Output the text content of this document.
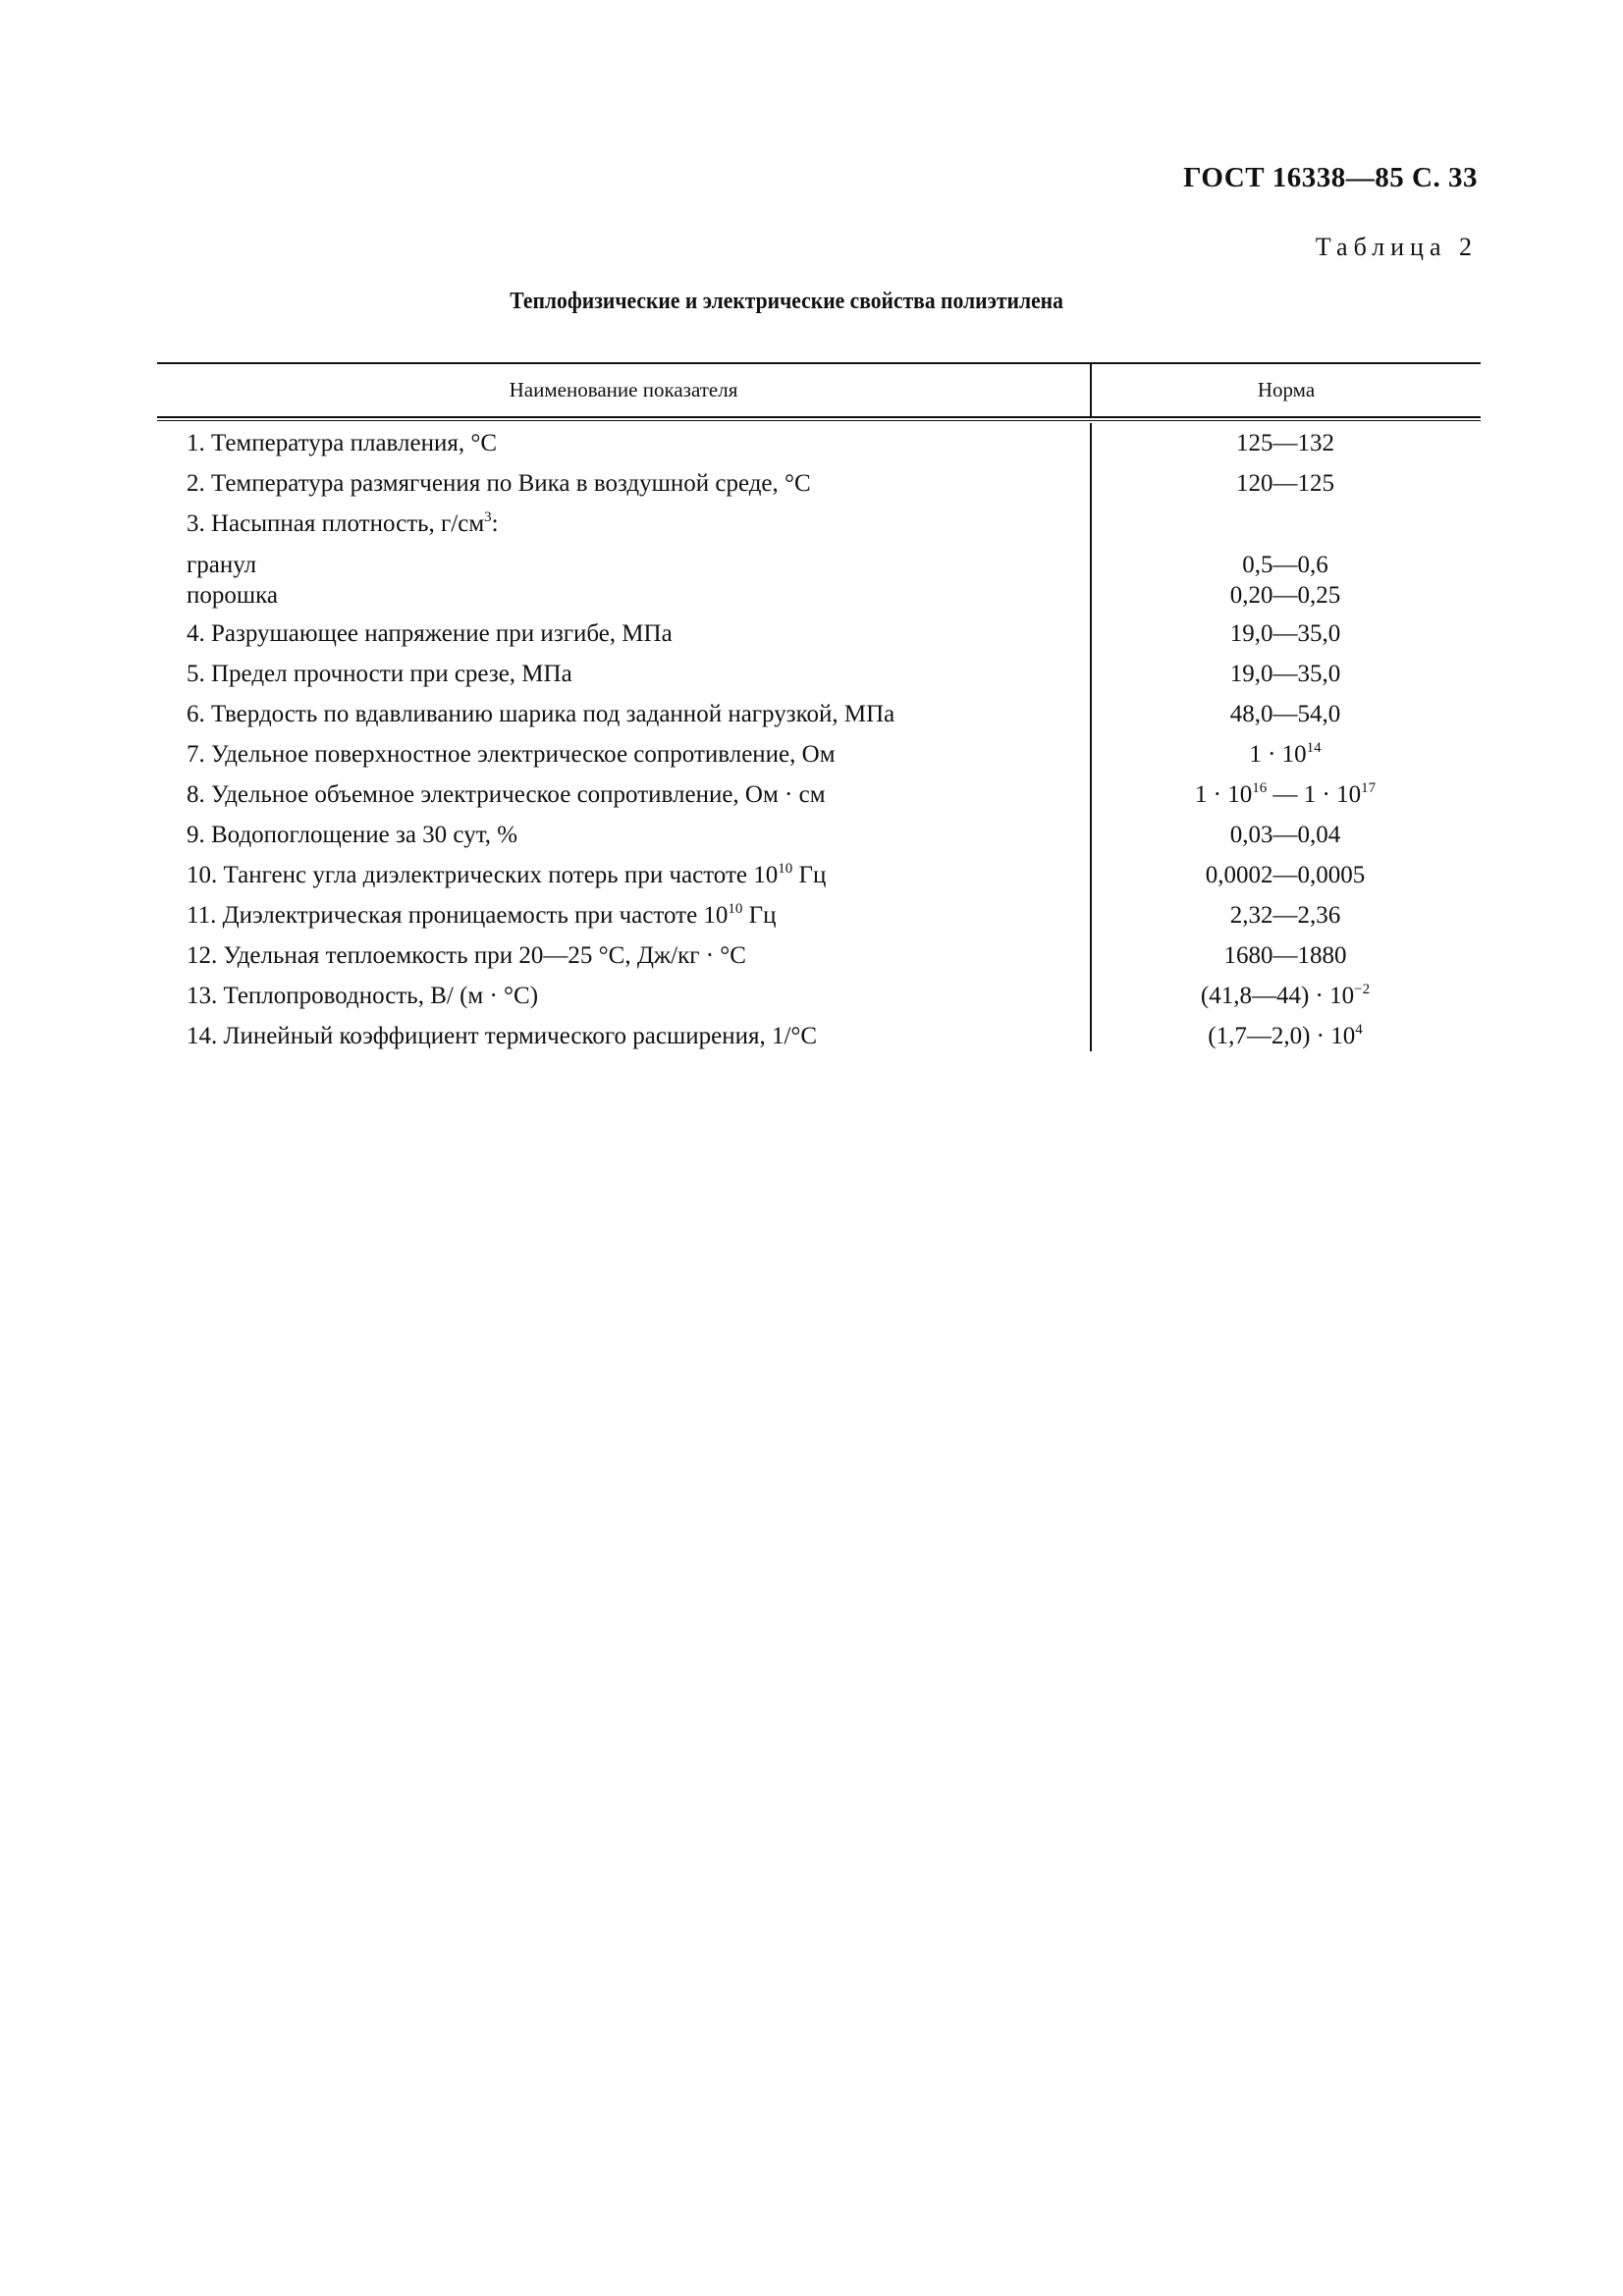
ГОСТ 16338—85 С. 33
Таблица 2
Теплофизические и электрические свойства полиэтилена
Наименование показателя	Норма
1. Температура плавления, °С	125—132
2. Температура размягчения по Вика в воздушной среде, °С	120—125
3. Насыпная плотность, $г/см^3$:
гранул	0,5—0,6
порошка	0,20—0,25
4. Разрушающее напряжение при изгибе, МПа	19,0—35,0
5. Предел прочности при срезе, МПа	19,0—35,0
6. Твердость по вдавливанию шарика под заданной нагрузкой, МПа	48,0—54,0
7. Удельное поверхностное электрическое сопротивление, Ом	$1 \cdot 10^{14}$
8. Удельное объемное электрическое сопротивление, Ом · см	$1 \cdot 10^{16}$ — $1 \cdot 10^{17}$
9. Водопоглощение за 30 сут, %	0,03—0,04
10. Тангенс угла диэлектрических потерь при частоте $10^{10}$ Гц	0,0002—0,0005
11. Диэлектрическая проницаемость при частоте $10^{10}$ Гц	2,32—2,36
12. Удельная теплоемкость при 20—25 °С, Дж/кг · °С	1680—1880
13. Теплопроводность, В/ (м · °С)	(41,8—44) · $10^{-2}$
14. Линейный коэффициент термического расширения, 1/°С	(1,7—2,0) · $10^4$
